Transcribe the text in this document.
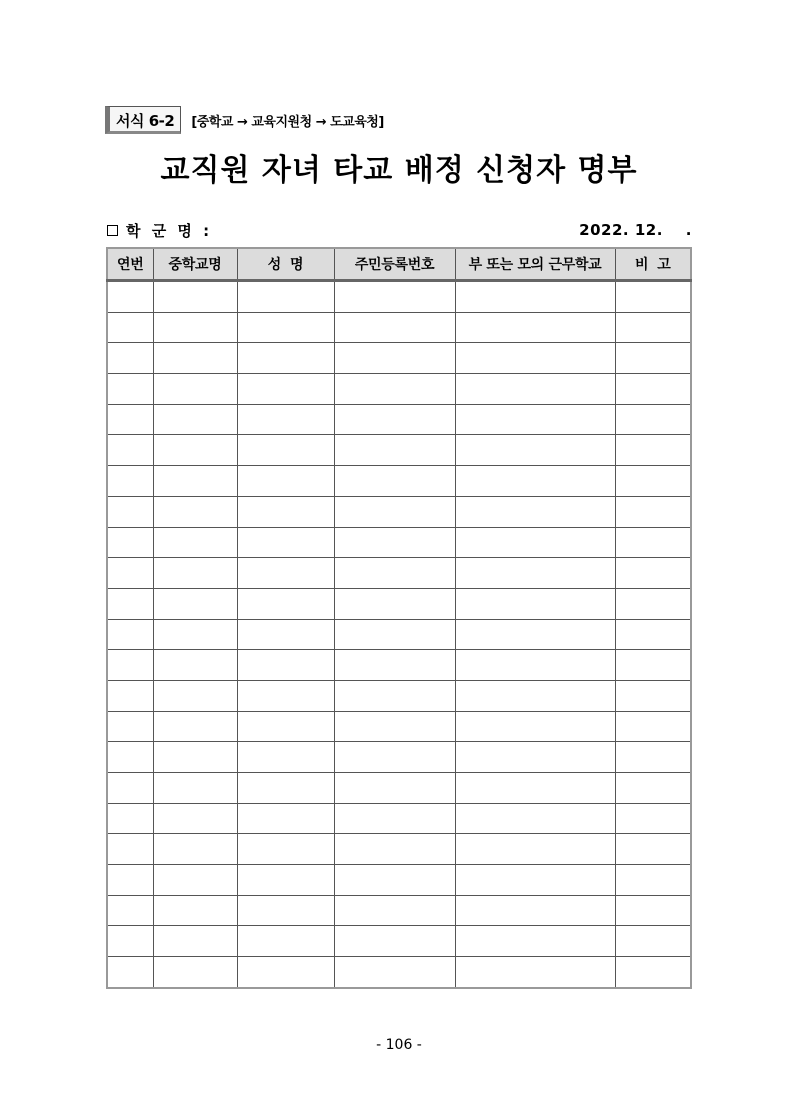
서식 6-2	[중학교 → 교육지원청 → 도교육청]
교직원 자녀 타교 배정 신청자 명부
학 군 명 :	2022. 12.    .
연번	중학교명	성  명	주민등록번호	부 또는 모의 근무학교	비  고

- 106 -
